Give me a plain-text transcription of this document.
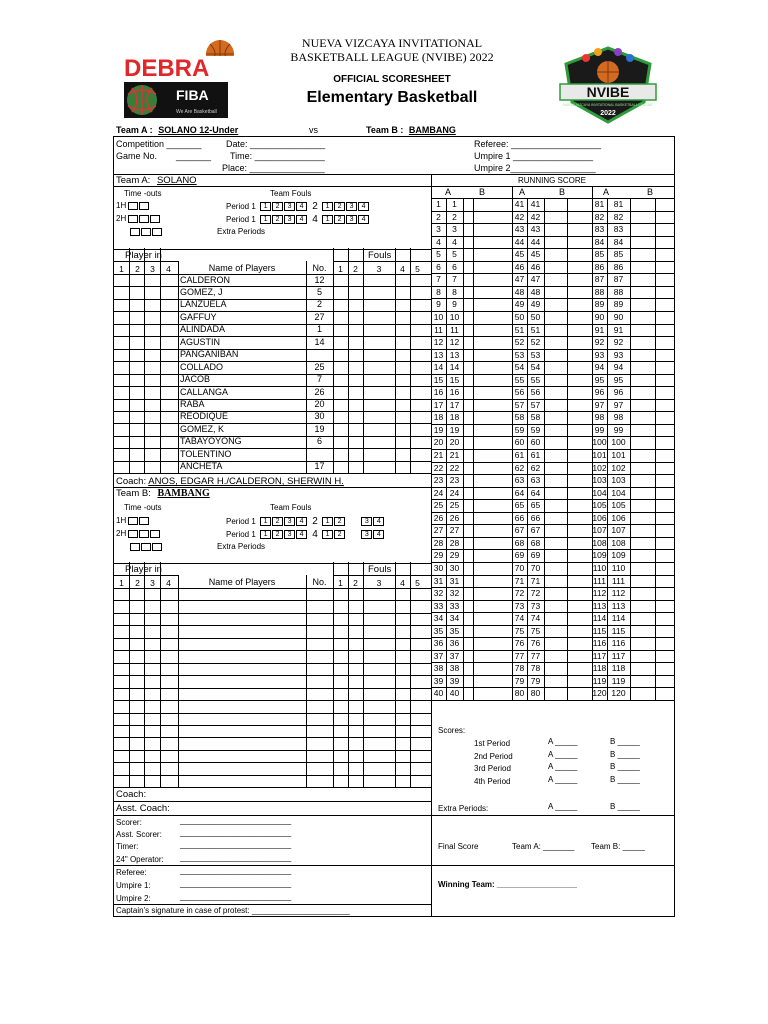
DEBRA
FIBA
We Are Basketball
NUEVA VIZCAYA INVITATIONAL
BASKETBALL LEAGUE (NVIBE) 2022
OFFICIAL SCORESHEET
Elementary Basketball	NVIBE
NUEVA VIZCAYA INVITATIONAL BASKETBALL LEAGUE
2022
Team A : SOLANO 12-Under	vs	Team B : BAMBANG
Competition _______	Date: _______________
Game No. _______ Time: ______________
Place: _______________
Referee: __________________
Umpire 1 ________________
Umpire 2_________________
Team A: SOLANO
Time -outs	Team Fouls
1H
2H
Period 1 1 2 3 4 2 1 2 3 4
Period 1 1 2 3 4 4 1 2 3 4
Extra Periods
Player in	Fouls
1	2	3	4	Name of Players	No.	1	2	3	4	5
CALDERON	12
GOMEZ, J	5
LANZUELA	2
GAFFUY	27
ALINDADA	1
AGUSTIN	14
PANGANIBAN
COLLADO	25
JACOB	7
CALLANGA	26
RABA	20
REODIQUE	30
GOMEZ, K	19
TABAYOYONG	6
TOLENTINO
ANCHETA	17
Coach: ANOS, EDGAR H./CALDERON, SHERWIN H.
Team B: BAMBANG
Time -outs	Team Fouls
1H
2H
Period 1 1 2 3 4 2 1 2	3 4
Period 1 1 2 3 4 4 1 2	3 4
Extra Periods
Player in	Fouls
1	2	3	4	Name of Players	No.	1	2	3	4	5
Coach:
Asst. Coach:
Scorer:	_________________________
Asst. Scorer: _________________________
Timer:	_________________________
24" Operator: _________________________
Referee:	_________________________
Umpire 1:	_________________________
Umpire 2:	_________________________
Captain's signature in case of protest: ______________________
RUNNING SCORE
A	B	A	B	A	B
1	1	41 41	81	81
2	2	42 42	82	82
3	3	43 43	83	83
4	4	44 44	84	84
5	5	45 45	85	85
6	6	46 46	86	86
7	7	47 47	87	87
8	8	48 48	88	88
9	9	49 49	89	89
10 10	50 50	90	90
11 11	51 51	91	91
12 12	52 52	92	92
13 13	53 53	93	93
14 14	54 54	94	94
15 15	55 55	95	95
16 16	56 56	96	96
17 17	57 57	97	97
18 18	58 58	98	98
19 19	59 59	99	99
20 20	60 60	100 100
21 21	61 61	101 101
22 22	62 62	102 102
23 23	63 63	103 103
24 24	64 64	104 104
25 25	65 65	105 105
26 26	66 66	106 106
27 27	67 67	107 107
28 28	68 68	108 108
29 29	69 69	109 109
30 30	70 70	110 110
31 31	71 71	111 111
32 32	72 72	112 112
33 33	73 73	113 113
34 34	74 74	114 114
35 35	75 75	115 115
36 36	76 76	116 116
37 37	77 77	117 117
38 38	78 78	118 118
39 39	79 79	119 119
40 40	80 80	120 120
Scores:
1st Period	A _____	B _____
2nd Period	A _____	B _____
3rd Period	A _____	B _____
4th Period	A _____	B _____
Extra Periods:	A _____	B _____
Final Score	Team A: _______ Team B: _____
Winning Team: __________________
